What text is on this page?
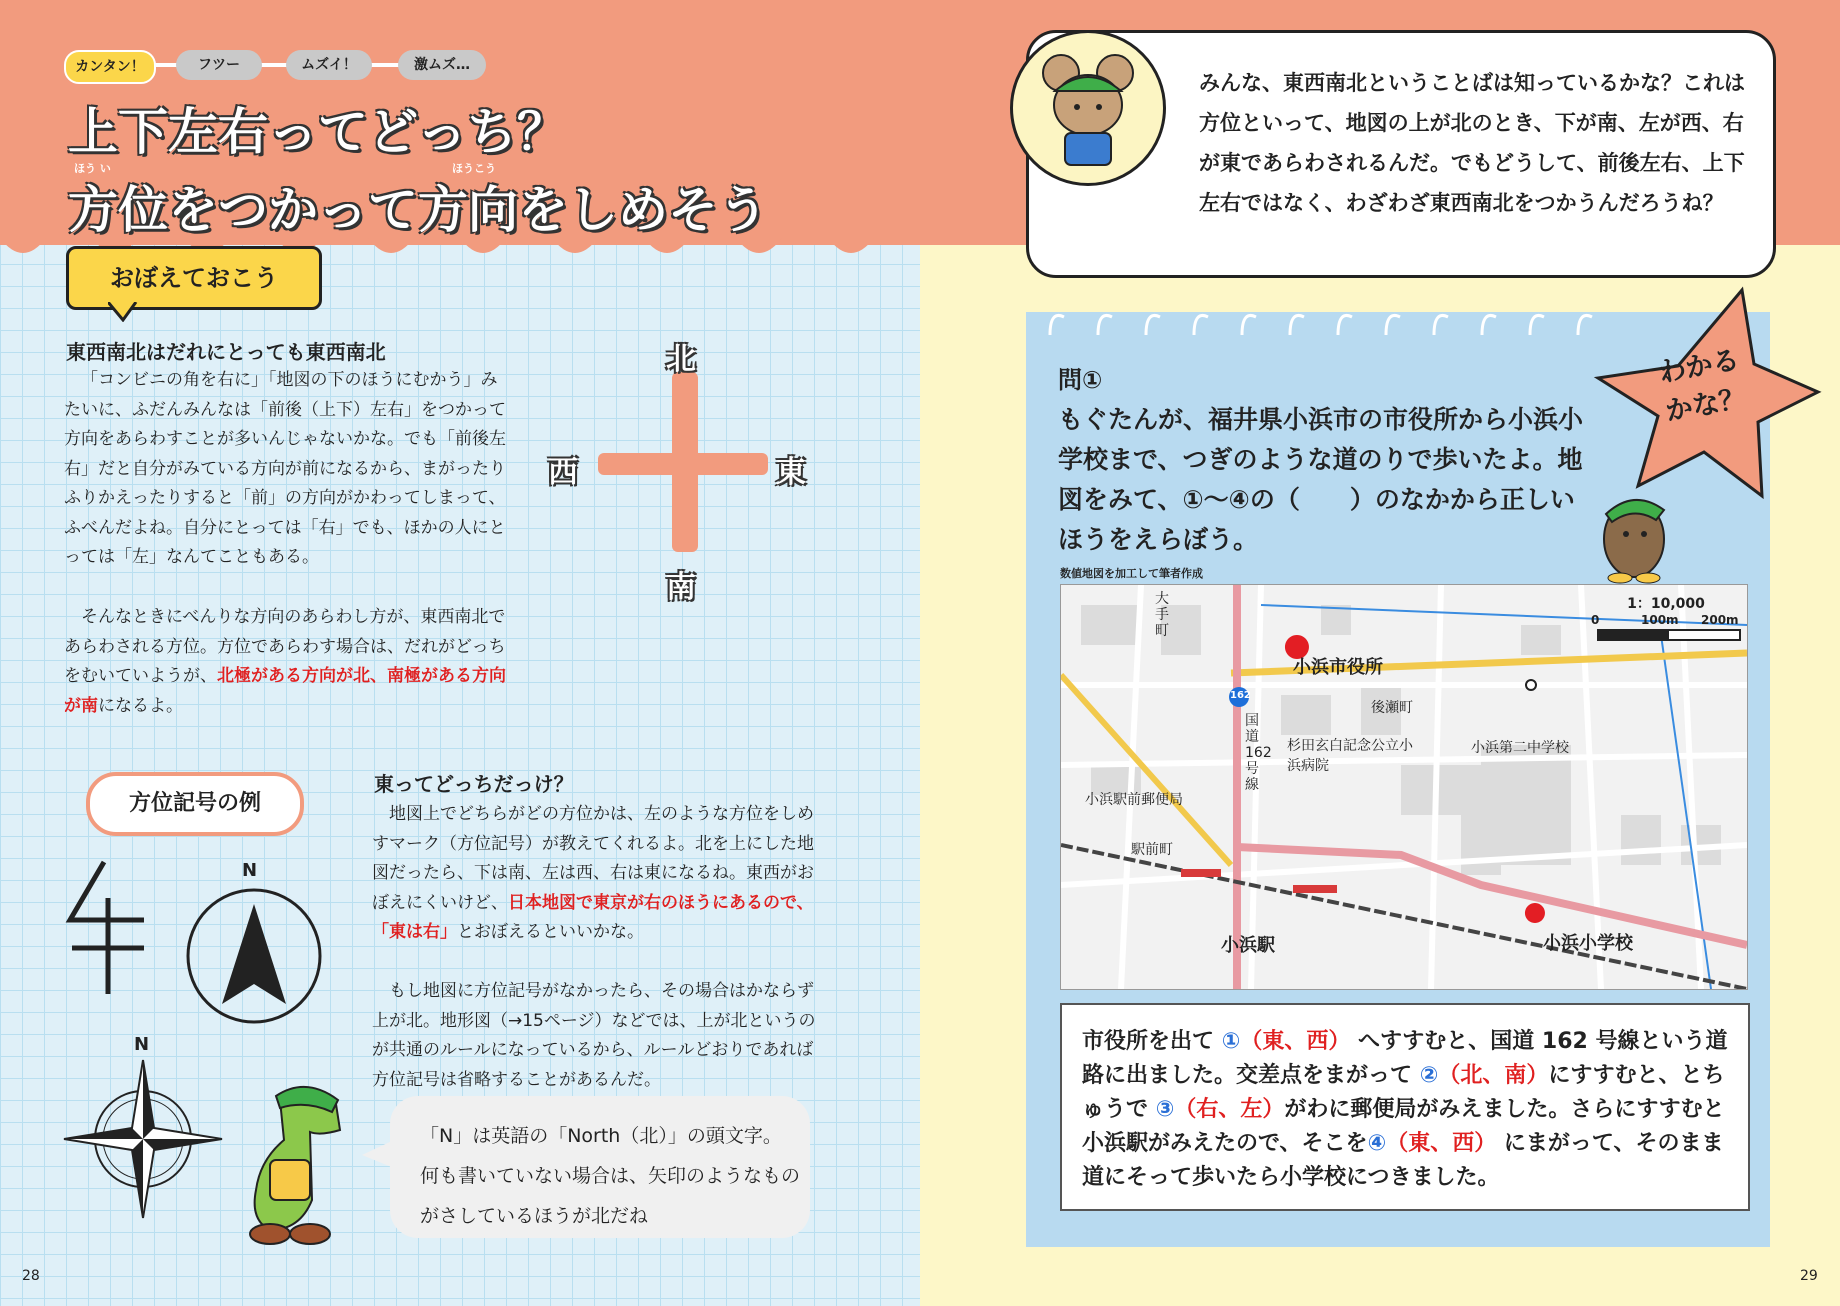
カンタン！	フツー	ムズイ！	激ムズ…
上下左右ってどっち？
ほう い	ほうこう
方位をつかって方向をしめそう

みんな、東西南北ということばは知っているかな？これは方位といって、地図の上が北のとき、下が南、左が西、右が東であらわされるんだ。でもどうして、前後左右、上下左右ではなく、わざわざ東西南北をつかうんだろうね？

おぼえておこう
東西南北はだれにとっても東西南北
「コンビニの角を右に」「地図の下のほうにむかう」みたいに、ふだんみんなは「前後（上下）左右」をつかって方向をあらわすことが多いんじゃないかな。でも「前後左右」だと自分がみている方向が前になるから、まがったりふりかえったりすると「前」の方向がかわってしまって、ふべんだよね。自分にとっては「右」でも、ほかの人にとっては「左」なんてこともある。
そんなときにべんりな方向のあらわし方が、東西南北であらわされる方位。方位であらわす場合は、だれがどっちをむいていようが、北極がある方向が北、南極がある方向が南になるよ。
北
南
東
西
方位記号の例
N
N
東ってどっちだっけ？
地図上でどちらがどの方位かは、左のような方位をしめすマーク（方位記号）が教えてくれるよ。北を上にした地図だったら、下は南、左は西、右は東になるね。東西がおぼえにくいけど、日本地図で東京が右のほうにあるので、「東は右」とおぼえるといいかな。
もし地図に方位記号がなかったら、その場合はかならず上が北。地形図（→15ページ）などでは、上が北というのが共通のルールになっているから、ルールどおりであれば方位記号は省略することがあるんだ。

「N」は英語の「North（北）」の頭文字。何も書いていない場合は、矢印のようなものがさしているほうが北だね

28
わかる
かな？
問①
もぐたんが、福井県小浜市の市役所から小浜小学校まで、つぎのような道のりで歩いたよ。地図をみて、①～④の（　　）のなかから正しいほうをえらぼう。
数値地図を加工して筆者作成
1：10,000
0	100m 200m
小浜市役所
小浜小学校
小浜駅
162
国道162号線
杉田玄白記念公立小浜病院
小浜第二中学校
小浜駅前郵便局
大手町
後瀬町
駅前町

市役所を出て ①（東、西） へすすむと、国道 162 号線という道路に出ました。交差点をまがって ②（北、南）にすすむと、とちゅうで ③（右、左）がわに郵便局がみえました。さらにすすむと小浜駅がみえたので、そこを④（東、西） にまがって、そのまま道にそって歩いたら小学校につきました。

29
